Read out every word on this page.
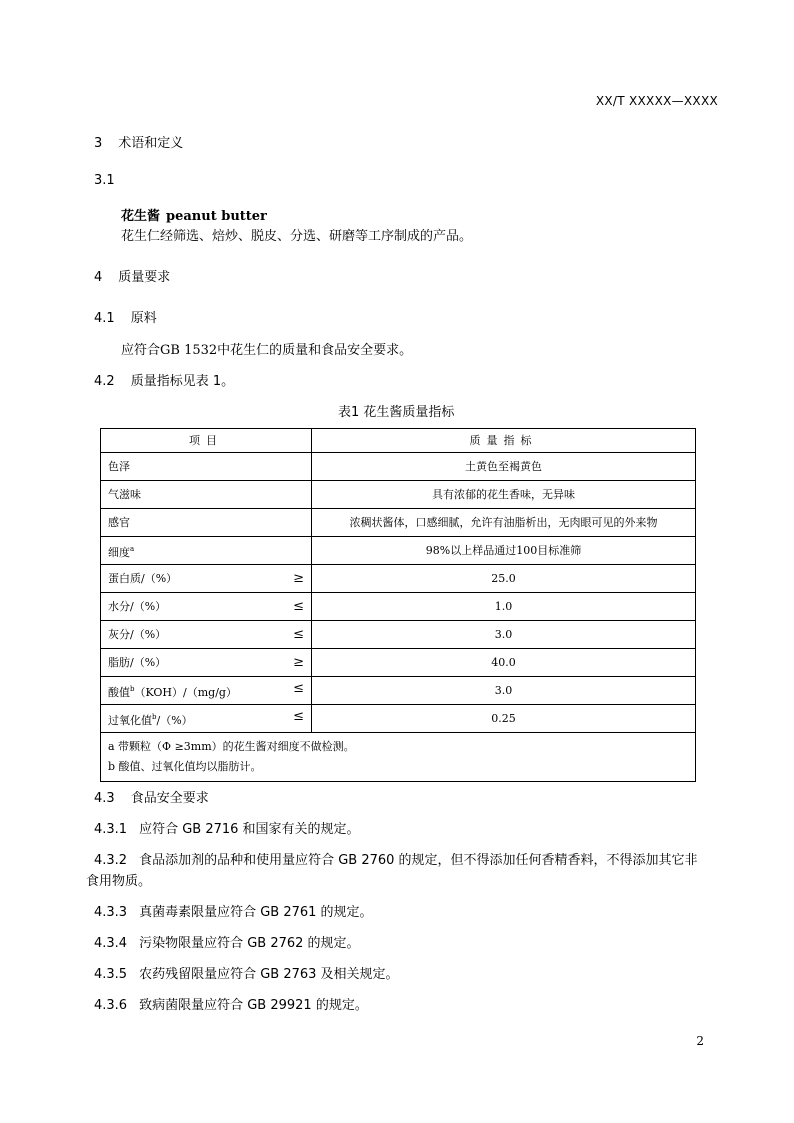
XX/T XXXXX—XXXX
3 术语和定义
3.1
花生酱 peanut butter
花生仁经筛选、焙炒、脱皮、分选、研磨等工序制成的产品。
4 质量要求
4.1 原料
应符合GB 1532中花生仁的质量和食品安全要求。
4.2 质量指标见表 1。
表1 花生酱质量指标
项目	质量指标
色泽	土黄色至褐黄色
气滋味	具有浓郁的花生香味，无异味
感官	浓稠状酱体，口感细腻，允许有油脂析出，无肉眼可见的外来物
细度$^a$	98%以上样品通过100目标准筛
蛋白质/（%） ≥	25.0
水分/（%） ≤	1.0
灰分/（%） ≤	3.0
脂肪/（%） ≥	40.0
酸值$^b$（KOH）/（mg/g） ≤	3.0
过氧化值$^b$/（%） ≤	0.25

a 带颗粒（Φ ≥3mm）的花生酱对细度不做检测。
b 酸值、过氧化值均以脂肪计。	
4.3 食品安全要求
4.3.1 应符合 GB 2716 和国家有关的规定。
4.3.2 食品添加剂的品种和使用量应符合 GB 2760 的规定，但不得添加任何香精香料，不得添加其它非
食用物质。
4.3.3 真菌毒素限量应符合 GB 2761 的规定。
4.3.4 污染物限量应符合 GB 2762 的规定。
4.3.5 农药残留限量应符合 GB 2763 及相关规定。
4.3.6 致病菌限量应符合 GB 29921 的规定。
2
